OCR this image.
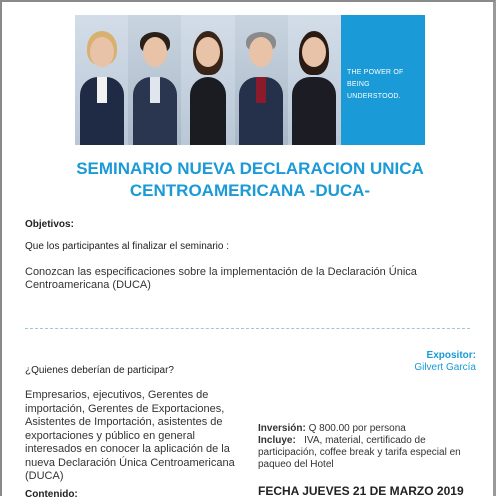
THE POWER OF
BEING UNDERSTOOD.
SEMINARIO NUEVA DECLARACION UNICA
CENTROAMERICANA -DUCA-
Objetivos:
Que los participantes al finalizar el seminario :
Conozcan las especificaciones sobre la implementación de la Declaración Única
Centroamericana (DUCA)
¿Quienes deberían de participar?
Empresarios, ejecutivos, Gerentes de
importación, Gerentes de Exportaciones,
Asistentes de Importación, asistentes de
exportaciones y público en general
interesados en conocer la aplicación de la
nueva Declaración Única Centroamericana
(DUCA)
Expositor:
Gilvert García
Inversión: Q 800.00 por persona
Incluye: IVA, material, certificado de
participación, coffee break y tarifa especial en
paqueo del Hotel
Contenido:	FECHA JUEVES 21 DE MARZO 2019
